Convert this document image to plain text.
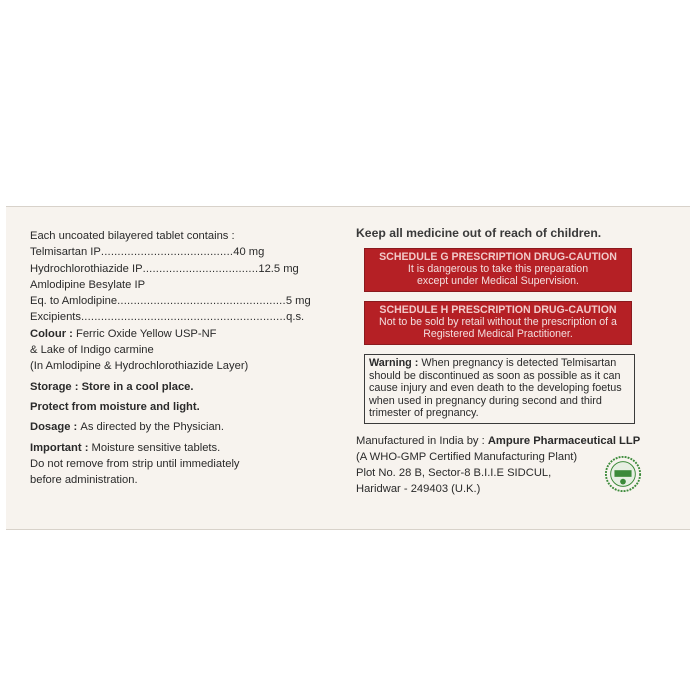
Each uncoated bilayered tablet contains :
Telmisartan IP ........................................ 40 mg
Hydrochlorothiazide IP ................................... 12.5 mg
Amlodipine Besylate IP
Eq. to Amlodipine ................................................... 5 mg
Excipients .............................................................. q.s.
Colour : Ferric Oxide Yellow USP-NF
& Lake of Indigo carmine
(In Amlodipine & Hydrochlorothiazide Layer)
Storage : Store in a cool place.
Protect from moisture and light.
Dosage : As directed by the Physician.
Important : Moisture sensitive tablets.
Do not remove from strip until immediately
before administration.
Keep all medicine out of reach of children.
SCHEDULE G PRESCRIPTION DRUG-CAUTION
It is dangerous to take this preparation
except under Medical Supervision.
SCHEDULE H PRESCRIPTION DRUG-CAUTION
Not to be sold by retail without the prescription of a
Registered Medical Practitioner.
Warning : When pregnancy is detected Telmisartan should be discontinued as soon as possible as it can cause injury and even death to the developing foetus when used in pregnancy during second and third trimester of pregnancy.
Manufactured in India by : Ampure Pharmaceutical LLP
(A WHO-GMP Certified Manufacturing Plant)
Plot No. 28 B, Sector-8 B.I.I.E SIDCUL,
Haridwar - 249403 (U.K.)
